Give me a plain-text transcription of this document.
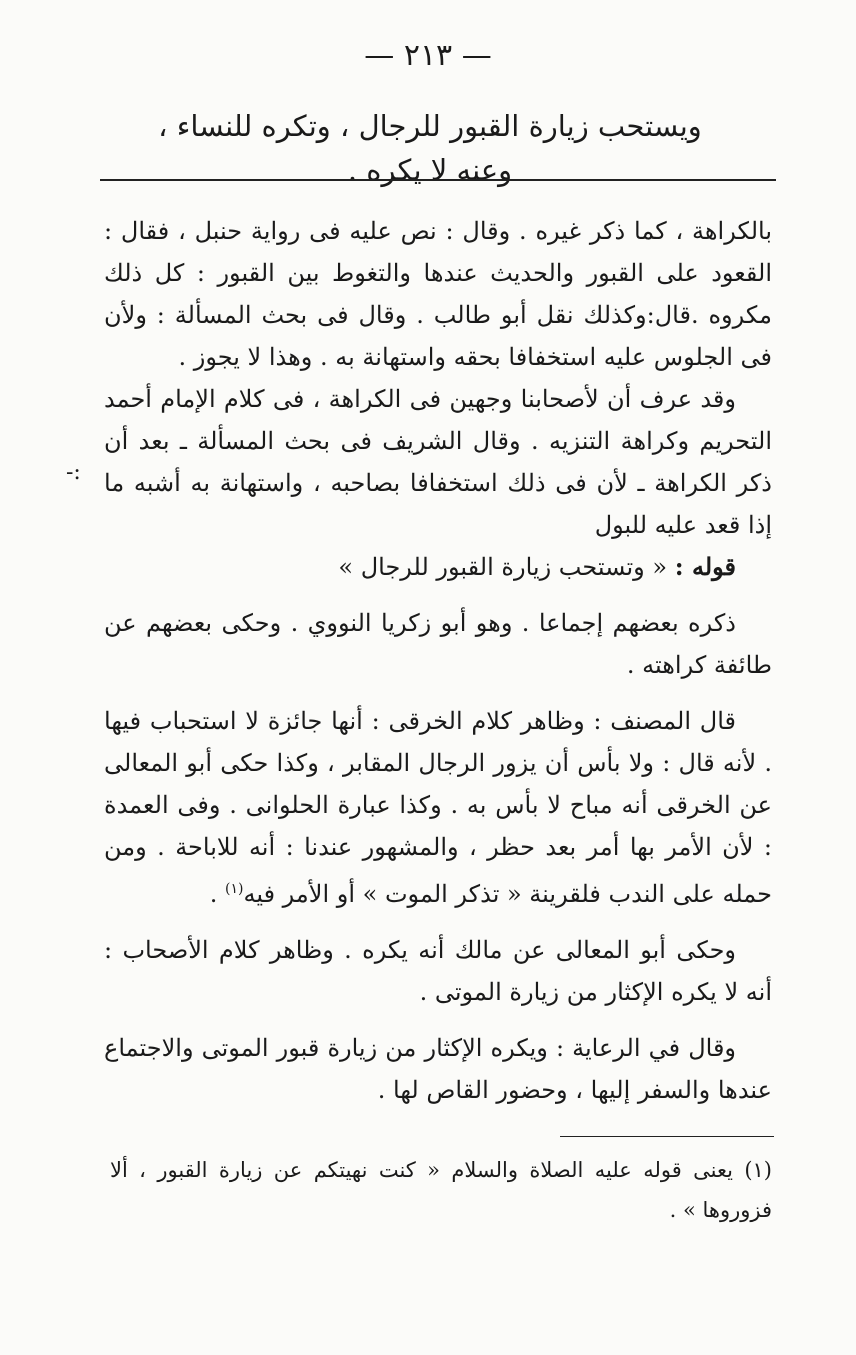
— ٢١٣ —

ويستحب زيارة القبور للرجال ، وتكره للنساء ، وعنه لا يكره .

-:

بالكراهة ، كما ذكر غيره . وقال : نص عليه فى رواية حنبل ، فقال : القعود على القبور والحديث عندها والتغوط بين القبور : كل ذلك مكروه .قال:وكذلك نقل أبو طالب . وقال فى بحث المسألة : ولأن فى الجلوس عليه استخفافا بحقه واستهانة به . وهذا لا يجوز .

وقد عرف أن لأصحابنا وجهين فى الكراهة ، فى كلام الإمام أحمد التحريم وكراهة التنزيه . وقال الشريف فى بحث المسألة ـ بعد أن ذكر الكراهة ـ لأن فى ذلك استخفافا بصاحبه ، واستهانة به أشبه ما إذا قعد عليه للبول

قوله : « وتستحب زيارة القبور للرجال »

ذكره بعضهم إجماعا . وهو أبو زكريا النووي . وحكى بعضهم عن طائفة كراهته .

قال المصنف : وظاهر كلام الخرقى : أنها جائزة لا استحباب فيها . لأنه قال : ولا بأس أن يزور الرجال المقابر ، وكذا حكى أبو المعالى عن الخرقى أنه مباح لا بأس به . وكذا عبارة الحلوانى . وفى العمدة : لأن الأمر بها أمر بعد حظر ، والمشهور عندنا : أنه للاباحة . ومن حمله على الندب فلقرينة « تذكر الموت » أو الأمر فيه$^{(١)}$ .

وحكى أبو المعالى عن مالك أنه يكره . وظاهر كلام الأصحاب : أنه لا يكره الإكثار من زيارة الموتى .

وقال في الرعاية : ويكره الإكثار من زيارة قبور الموتى والاجتماع عندها والسفر إليها ، وحضور القاص لها .

(١) يعنى قوله عليه الصلاة والسلام « كنت نهيتكم عن زيارة القبور ، ألا فزوروها » .
